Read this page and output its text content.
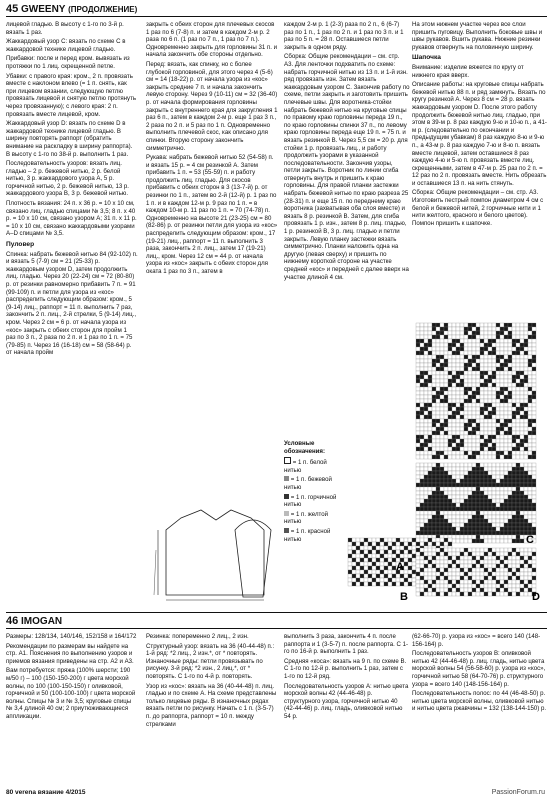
45 GWEENY (ПРОДОЛЖЕНИЕ)

лицевой гладью. В высоту с 1-го по 3-й р. вязать 1 раз.

Жаккардовый узор C: вязать по схеме C в жаккардовой технике лицевой гладью.

Прибавки: после и перед кром. вывязать из протяжки по 1 лиц. скрещенной петле.

Убавки: с правого края: кром., 2 п. провязать вместе с наклоном влево (= 1 п. снять, как при лицевом вязании, следующую петлю провязать лицевой и снятую петлю протянуть через провязанную); с левого края: 2 п. провязать вместе лицевой, кром.

Жаккардовый узор D: вязать по схеме D в жаккардовой технике лицевой гладью. В ширину повторять раппорт (обратить внимание на раскладку в ширину раппорта). В высоту с 1-го по 38-й р. выполнить 1 раз.

Последовательность узоров: вязать лиц. гладью – 2 р. бежевой нитью, 2 р. белой нитью, 3 р. жаккардового узора A, 5 р. горчичной нитью, 2 р. бежевой нитью, 13 р. жаккардового узора B, 3 р. бежевой нитью.

Плотность вязания: 24 п. x 36 р. = 10 x 10 см, связано лиц. гладью спицами № 3,5; 8 п. x 40 р. = 10 x 10 см, связано узором A; 31 п. x 11 р. = 10 x 10 см, связано жаккардовыми узорами A–D спицами № 3,5.

Пуловер

Спинка: набрать бежевой нитью 84 (92-102) п. и вязать 5 (7-9) см = 21 (25-33) р. жаккардовым узором D, затем продолжить лиц. гладью. Через 20 (22-24) см = 72 (80-80) р. от резинки равномерно прибавить 7 п. = 91 (99-109) п. и петли для узора из «кос» распределить следующим образом: кром., 5 (9-14) лиц., раппорт = 11 п. выполнить 7 раз, закончить 2 п. лиц., 2-й стрелки, 5 (9-14) лиц., кром. Через 2 см = 6 р. от начала узора из «кос» закрыть с обеих сторон для пройм 1 раз по 3 п., 2 раза по 2 п. и 1 раз по 1 п. = 75 (79-85) п. Через 16 (16-18) см = 58 (58-64) р. от начала пройм

закрыть с обеих сторон для плечевых скосов 1 раз по 6 (7-8) п. и затем в каждом 2-м р. 2 раза по 6 п. (1 раз по 7 п., 1 раз по 7 п.). Одновременно закрыть для горловины 31 п. и начала закончить обе стороны отдельно.

Перед: вязать, как спинку, но с более глубокой горловиной, для этого через 4 (5-6) см = 14 (18-22) р. от начала узора из «кос» закрыть средние 7 п. и начала закончить левую сторону. Через 9 (10-11) см = 32 (36-40) р. от начала формирования горловины закрыть с внутреннего края для закругления 1 раз 6 п., затем в каждом 2-м р. еще 1 раз 3 п., 2 раза по 2 п. и 5 раз по 1 п. Одновременно выполнить плечевой скос, как описано для спинки. Вторую сторону закончить симметрично.

Рукава: набрать бежевой нитью 52 (54-58) п. и вязать 15 р. = 4 см резинкой A. Затем прибавить 1 п. = 53 (55-59) п. и работу продолжить лиц. гладью. Для скосов прибавить с обеих сторон в 3 (13-7-й) р. от резинки по 1 п., затем во 2-й (12-й) р. 1 раз по 1 п. и в каждом 12-м р. 9 раз по 1 п. = в каждом 10-м р. 11 раз по 1 п. = 70 (74-78) п. Одновременно на высоте 21 (23-25) см = 80 (82-86) р. от резинки петли для узора из «кос» распределить следующим образом: кром., 17 (19-21) лиц., раппорт = 11 п. выполнить 3 раза, закончить 2 п. лиц., затем 17 (19-21) лиц., кром. Через 12 см = 44 р. от начала узора из «кос» закрыть с обеих сторон для оката 1 раз по 3 п., затем в

каждом 2-м р. 1 (2-3) раза по 2 п., 6 (6-7) раз по 1 п., 1 раз по 2 п. и 1 раз по 3 п. и 1 раз по 5 п. = 28 п. Оставшиеся петли закрыть в одном ряду.

Сборка: Общие рекомендации – см. стр. А3. Для ленточки подхватить по схеме: набрать горчичной нитью из 13 п. и 1-й изн. ряд провязать изн. Затем вязать жаккардовым узором C. Закончив работу по схеме, петли закрыть и заготовить пришить плечевые швы. Для воротника-стойки набрать бежевой нитью на круговые спицы по правому краю горловины переда 19 п., по краю горловины спинки 37 п., по левому краю горловины переда еще 19 п. = 75 п. и вязать резинкой B. Через 5,5 см = 20 р. для стойки 1 р. провязать лиц., и работу продолжить узорами в указанной последовательности. Закончив узоры, петли закрыть. Воротник по линии сгиба отвернуть внутрь и пришить к краю горловины. Для правой планки застежки набрать бежевой нитью по краю разреза 25 (28-31) п. и еще 15 п. по переднему краю воротника (захватывая оба слоя вместе) и вязать 8 р. резинкой B. Затем, для сгиба провязать 1 р. изн., затем 8 р. лиц. гладью, 1 р. резинкой B, 3 р. лиц. гладью и петли закрыть. Левую планку застежки вязать симметрично. Планки наложить одна на другую (левая сверху) и пришить по нижнему короткой стороне на участке средней «кос» и передней с далее вверх на участке длиной 4 см.

На этом нижнем участке через все слои пришить пуговицу. Выполнить боковые швы и швы рукавов. Вшить рукава. Нижние резинки рукавов отвернуть на половинную ширину.

Шапочка

Внимание: изделие вяжется по кругу от нижнего края вверх.

Описание работы: на круговые спицы набрать бежевой нитью 88 п. и ряд замкнуть. Вязать по кругу резинкой A. Через 8 см = 28 р. вязать жаккардовым узором D. После этого работу продолжить бежевой нитью лиц. гладью, при этом в 39-м р. 8 раз каждую 9-ю и 10-ю п., а 41-м р. (следовательно по окончании и предыдущим убавкам) 8 раз каждую 8-ю и 9-ю п., а 43-м р. 8 раз каждую 7-ю и 8-ю п. вязать вместе лицевой, затем оставшиеся 8 раз каждую 4-ю и 5-ю п. провязать вместе лиц. скрещенными, затем в 47-м р. 25 раз по 2 п. = 12 раз по 2 п. провязать вместе. Нить обрезать и оставшиеся 13 п. на нить стянуть.

Сборка: Общие рекомендации – см. стр. А3. Изготовить пестрый помпон диаметром 4 см с белой и бежевой нитей, 2 горчичные нити и 1 нити желтого, красного и белого цветов). Помпон пришить к шапочке.

Условные обозначения:

= 1 п. белой нитью

= 1 п. бежевой нитью

= 1 п. горчичной нитью

= 1 п. желтой нитью

= 1 п. красной нитью

A
B
C
D
46 IMOGAN

Размеры: 128/134, 140/146, 152/158 и 164/172

Рекомендации по размерам вы найдете на стр. А1. Пояснения по выполнению узоров и приемов вязания приведены на стр. А2 и А3.

Вам потребуется: пряжа (100% шерсти; 190 м/50 г) – 100 (150-150-200) г цвета морской волны, по 100 (100-150-150) г оливковой, горчичной и 50 (100-100-100) г цвета морской волны. Спицы № 3 и № 3,5; круговые спицы № 3,4 длиной 40 см; 2 приутюживающиеся аппликации.

Резинка: попеременно 2 лиц., 2 изн.

Структурный узор: вязать на 36 (40-44-48) п.: 1-й ряд: *2 лиц., 2 изн.*, от * повторять. Изнаночные ряды: петли провязывать по рисунку. 3-й ряд: *2 изн., 2 лиц.*, от * повторять. С 1-го по 4-й р. повторять.

Узор из «кос»: вязать на 36 (40-44-48) п. лиц. гладью и по схеме A. На схеме представлены только лицевые ряды. В изнаночных рядах вязать петли по рисунку. Начать с 1 п. (3-5-7) п. до раппорта, раппорт = 10 п. между стрелками

выполнить 3 раза, закончить 4 п. после раппорта и 1 (3-5-7) п. после раппорта. С 1-го по 16-й р. выполнить 1 раз.

Средняя «коса»: вязать на 9 п. по схеме B. С 1-го по 12-й р. выполнить 1 раз, затем с 1-го по 12-й ряд.

Последовательность узоров A: нитью цвета морской волны 42 (44-46-48) р. структурного узора, горчичной нитью 40 (42-44-46) р. лиц. гладь, оливковой нитью 54 р.

(62-66-70) р. узора из «кос» = всего 140 (148-156-164) р.

Последовательность узоров B: оливковой нитью 42 (44-46-48) р. лиц. гладь, нитью цвета морской волны 54 (56-58-60) р. узора из «кос», горчичной нитью 58 (64-70-76) р. структурного узора = всего 140 (148-156-164) р.

Последовательность полос: по 44 (46-48-50) р. нитью цвета морской волны, оливковой нитью и нитью цвета ржавчины = 132 (138-144-150) р.

80 verena вязание 4/2015	PassionForum.ru
